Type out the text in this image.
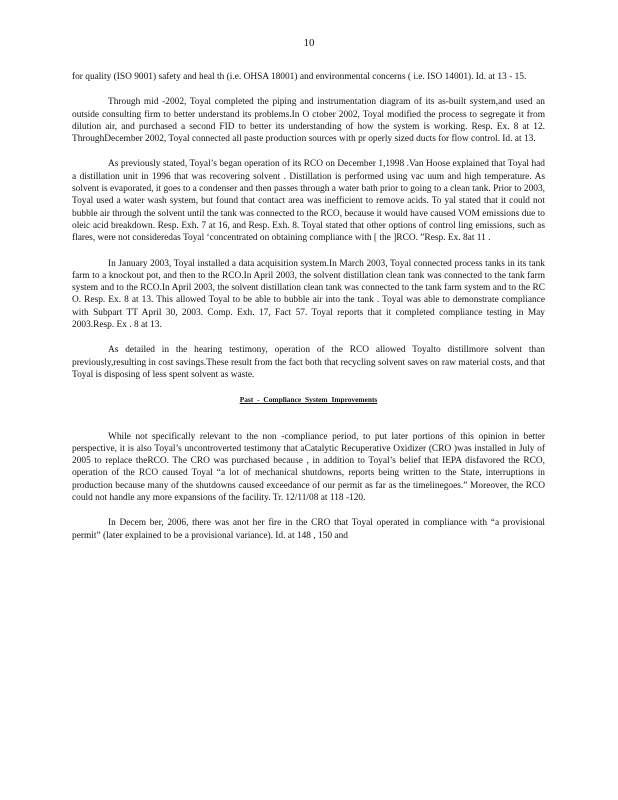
10

for quality (ISO 9001) safety and heal th (i.e. OHSA 18001) and environmental concerns ( i.e. ISO 14001). Id. at 13 - 15.

Through mid -2002, Toyal completed the piping and instrumentation diagram of its as-built system,and used an outside consulting firm to better understand its problems.In O ctober 2002, Toyal modified the process to segregate it from dilution air, and purchased a second FID to better its understanding of how the system is working. Resp. Ex. 8 at 12. ThroughDecember 2002, Toyal connected all paste production sources with pr operly sized ducts for flow control. Id. at 13.

As previously stated, Toyal’s began operation of its RCO on December 1,1998 .Van Hoose explained that Toyal had a distillation unit in 1996 that was recovering solvent . Distillation is performed using vac uum and high temperature. As solvent is evaporated, it goes to a condenser and then passes through a water bath prior to going to a clean tank. Prior to 2003, Toyal used a water wash system, but found that contact area was inefficient to remove acids. To yal stated that it could not bubble air through the solvent until the tank was connected to the RCO, because it would have caused VOM emissions due to oleic acid breakdown. Resp. Exh. 7 at 16, and Resp. Exh. 8. Toyal stated that other options of control ling emissions, such as flares, were not consideredas Toyal ‘concentrated on obtaining compliance with [ the ]RCO. ”Resp. Ex. 8at 11 .

In January 2003, Toyal installed a data acquisition system.In March 2003, Toyal connected process tanks in its tank farm to a knockout pot, and then to the RCO.In April 2003, the solvent distillation clean tank was connected to the tank farm system and to the RCO.In April 2003, the solvent distillation clean tank was connected to the tank farm system and to the RC O. Resp. Ex. 8 at 13. This allowed Toyal to be able to bubble air into the tank . Toyal was able to demonstrate compliance with Subpart TT April 30, 2003. Comp. Exh. 17, Fact 57. Toyal reports that it completed compliance testing in May 2003.Resp. Ex . 8 at 13.

As detailed in the hearing testimony, operation of the RCO allowed Toyalto distillmore solvent than previously,resulting in cost savings.These result from the fact both that recycling solvent saves on raw material costs, and that Toyal is disposing of less spent solvent as waste.

Past - Compliance System Improvements

While not specifically relevant to the non -compliance period, to put later portions of this opinion in better perspective, it is also Toyal’s uncontroverted testimony that aCatalytic Recuperative Oxidizer (CRO )was installed in July of 2005 to replace theRCO. The CRO was purchased because , in addition to Toyal’s belief that IEPA disfavored the RCO, operation of the RCO caused Toyal “a lot of mechanical shutdowns, reports being written to the State, interruptions in production because many of the shutdowns caused exceedance of our permit as far as the timelinegoes.” Moreover, the RCO could not handle any more expansions of the facility. Tr. 12/11/08 at 118 -120.

In Decem ber, 2006, there was anot her fire in the CRO that Toyal operated in compliance with “a provisional permit” (later explained to be a provisional variance). Id. at 148 , 150 and
